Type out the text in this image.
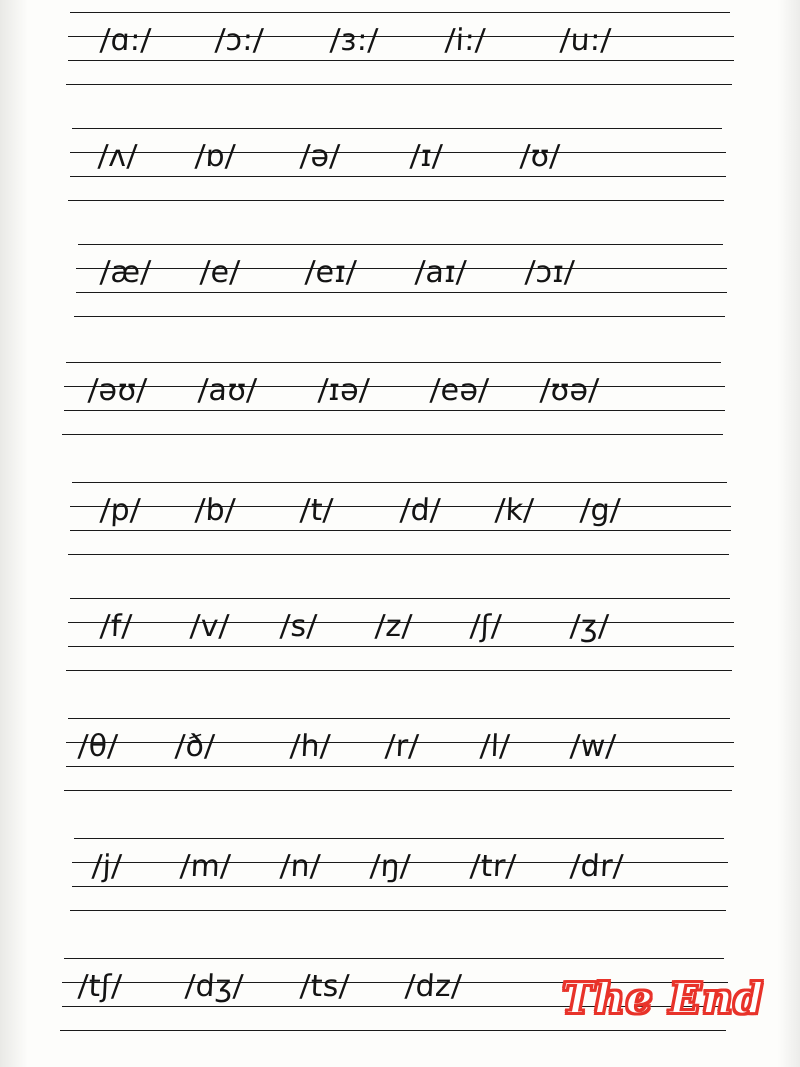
/ɑ:/ /ɔ:/ /ɜ:/ /i:/ /u:/
/ʌ/ /ɒ/ /ə/ /ɪ/	/ʊ/
/æ/ /e/ /eɪ/ /aɪ/ /ɔɪ/
/əʊ/ /aʊ/ /ɪə/ /eə/ /ʊə/
/p/ /b/ /t/ /d/ /k/ /g/
/f/ /v/ /s/ /z/ /ʃ/ /ʒ/
/θ/ /ð/ /h/ /r/ /l/ /w/
/j/ /m/ /n/ /ŋ/ /tr/ /dr/
/tʃ/ /dʒ/ /ts/ /dz/ The End
